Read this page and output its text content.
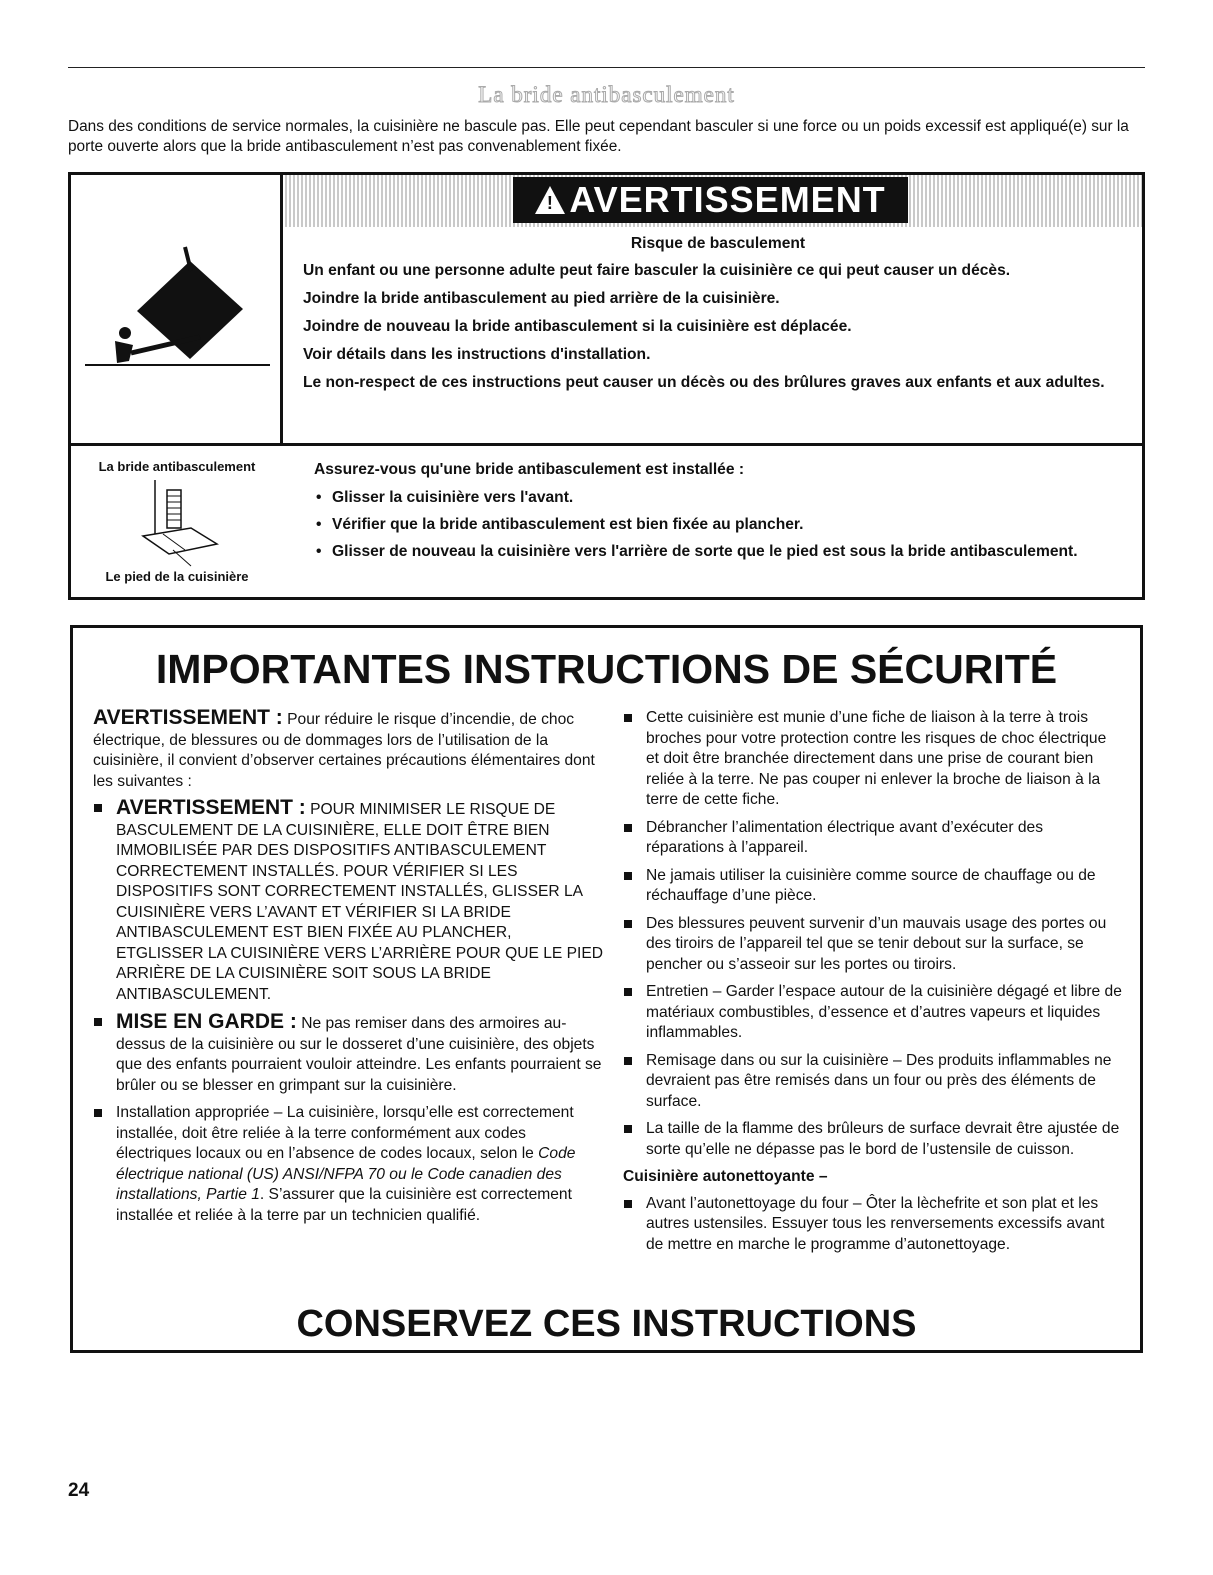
La bride antibasculement
Dans des conditions de service normales, la cuisinière ne bascule pas. Elle peut cependant basculer si une force ou un poids excessif est appliqué(e) sur la porte ouverte alors que la bride antibasculement n’est pas convenablement fixée.
! AVERTISSEMENT
Risque de basculement

Un enfant ou une personne adulte peut faire basculer la cuisinière ce qui peut causer un décès.

Joindre la bride antibasculement au pied arrière de la cuisinière.

Joindre de nouveau la bride antibasculement si la cuisinière est déplacée.

Voir détails dans les instructions d'installation.

Le non-respect de ces instructions peut causer un décès ou des brûlures graves aux enfants et aux adultes.

La bride antibasculement
Le pied de la cuisinière

Assurez-vous qu'une bride antibasculement est installée :

• Glisser la cuisinière vers l'avant.
• Vérifier que la bride antibasculement est bien fixée au plancher.
• Glisser de nouveau la cuisinière vers l'arrière de sorte que le pied est sous la bride antibasculement.
IMPORTANTES INSTRUCTIONS DE SÉCURITÉ

AVERTISSEMENT : Pour réduire le risque d’incendie, de choc électrique, de blessures ou de dommages lors de l’utilisation de la cuisinière, il convient d’observer certaines précautions élémentaires dont les suivantes :

AVERTISSEMENT : POUR MINIMISER LE RISQUE DE BASCULEMENT DE LA CUISINIÈRE, ELLE DOIT ÊTRE BIEN IMMOBILISÉE PAR DES DISPOSITIFS ANTIBASCULEMENT CORRECTEMENT INSTALLÉS. POUR VÉRIFIER SI LES DISPOSITIFS SONT CORRECTEMENT INSTALLÉS, GLISSER LA CUISINIÈRE VERS L’AVANT ET VÉRIFIER SI LA BRIDE ANTIBASCULEMENT EST BIEN FIXÉE AU PLANCHER, ETGLISSER LA CUISINIÈRE VERS L’ARRIÈRE POUR QUE LE PIED ARRIÈRE DE LA CUISINIÈRE SOIT SOUS LA BRIDE ANTIBASCULEMENT.
MISE EN GARDE : Ne pas remiser dans des armoires au-dessus de la cuisinière ou sur le dosseret d’une cuisinière, des objets que des enfants pourraient vouloir atteindre. Les enfants pourraient se brûler ou se blesser en grimpant sur la cuisinière.
Installation appropriée – La cuisinière, lorsqu’elle est correctement installée, doit être reliée à la terre conformément aux codes électriques locaux ou en l’absence de codes locaux, selon le Code électrique national (US) ANSI/NFPA 70 ou le Code canadien des installations, Partie 1. S’assurer que la cuisinière est correctement installée et reliée à la terre par un technicien qualifié.
Cette cuisinière est munie d’une fiche de liaison à la terre à trois broches pour votre protection contre les risques de choc électrique et doit être branchée directement dans une prise de courant bien reliée à la terre. Ne pas couper ni enlever la broche de liaison à la terre de cette fiche.
Débrancher l’alimentation électrique avant d’exécuter des réparations à l’appareil.
Ne jamais utiliser la cuisinière comme source de chauffage ou de réchauffage d’une pièce.
Des blessures peuvent survenir d’un mauvais usage des portes ou des tiroirs de l’appareil tel que se tenir debout sur la surface, se pencher ou s’asseoir sur les portes ou tiroirs.
Entretien – Garder l’espace autour de la cuisinière dégagé et libre de matériaux combustibles, d’essence et d’autres vapeurs et liquides inflammables.
Remisage dans ou sur la cuisinière – Des produits inflammables ne devraient pas être remisés dans un four ou près des éléments de surface.
La taille de la flamme des brûleurs de surface devrait être ajustée de sorte qu’elle ne dépasse pas le bord de l’ustensile de cuisson.
Cuisinière autonettoyante –
Avant l’autonettoyage du four – Ôter la lèchefrite et son plat et les autres ustensiles. Essuyer tous les renversements excessifs avant de mettre en marche le programme d’autonettoyage.
CONSERVEZ CES INSTRUCTIONS
24
